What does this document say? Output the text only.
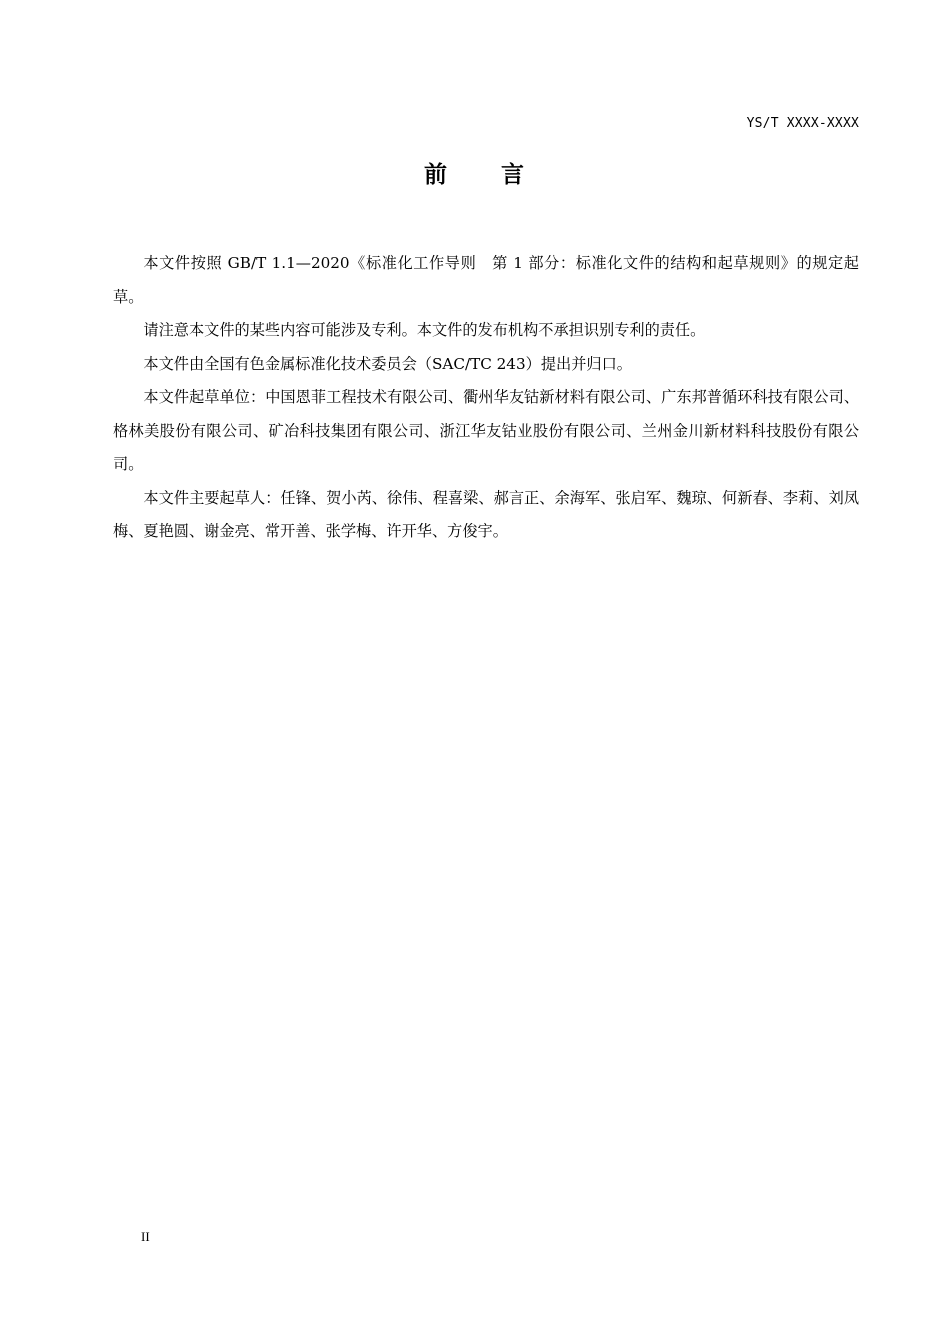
YS/T XXXX-XXXX
前 言

本文件按照 GB/T 1.1—2020《标准化工作导则　第 1 部分：标准化文件的结构和起草规则》的规定起草。

请注意本文件的某些内容可能涉及专利。本文件的发布机构不承担识别专利的责任。

本文件由全国有色金属标准化技术委员会（SAC/TC 243）提出并归口。

本文件起草单位：中国恩菲工程技术有限公司、衢州华友钴新材料有限公司、广东邦普循环科技有限公司、格林美股份有限公司、矿冶科技集团有限公司、浙江华友钴业股份有限公司、兰州金川新材料科技股份有限公司。

本文件主要起草人：任锋、贺小芮、徐伟、程喜梁、郝言正、余海军、张启军、魏琼、何新春、李莉、刘凤梅、夏艳圆、谢金亮、常开善、张学梅、许开华、方俊宇。

II
